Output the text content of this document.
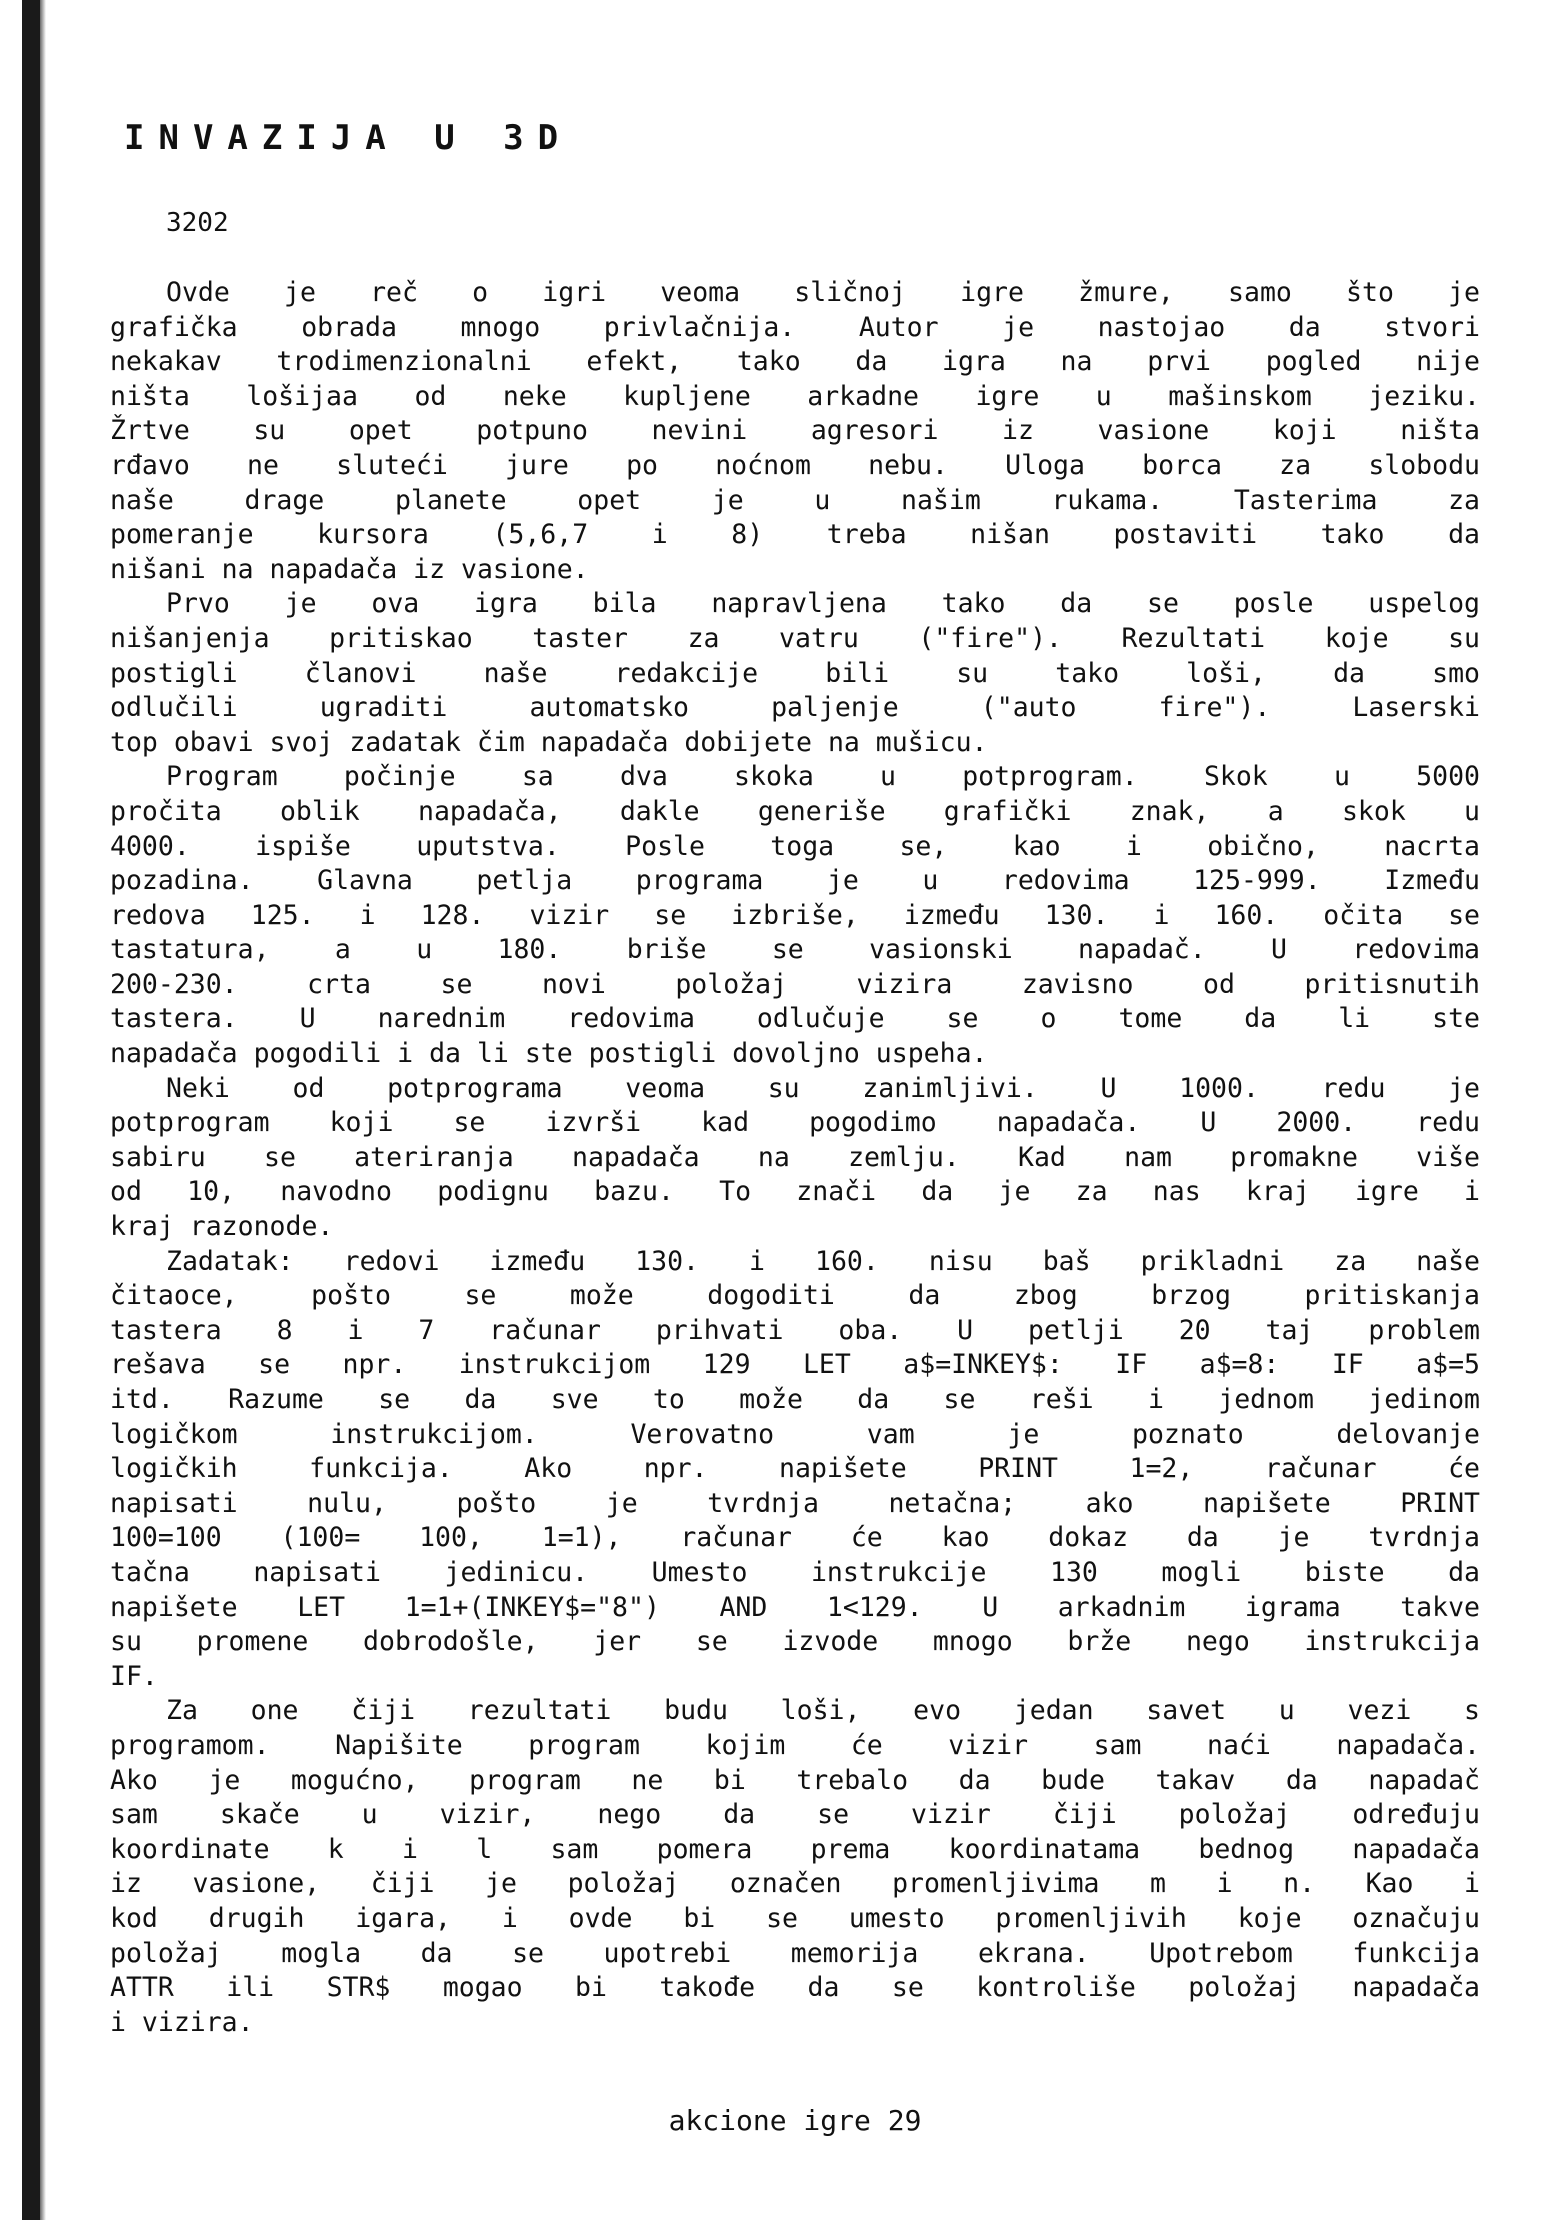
INVAZIJA U 3D
3202
Ovde je reč o igri veoma sličnoj igre žmure, samo što je
grafička obrada mnogo privlačnija. Autor je nastojao da stvori
nekakav trodimenzionalni efekt, tako da igra na prvi pogled nije
ništa lošijaa od neke kupljene arkadne igre u mašinskom jeziku.
Žrtve su opet potpuno nevini agresori iz vasione koji ništa
rđavo ne sluteći jure po noćnom nebu. Uloga borca za slobodu
naše drage planete opet je u našim rukama. Tasterima za
pomeranje kursora (5,6,7 i 8) treba nišan postaviti tako da
nišani na napadača iz vasione.
Prvo je ova igra bila napravljena tako da se posle uspelog
nišanjenja pritiskao taster za vatru ("fire"). Rezultati koje su
postigli članovi naše redakcije bili su tako loši, da smo
odlučili ugraditi automatsko paljenje ("auto fire"). Laserski
top obavi svoj zadatak čim napadača dobijete na mušicu.
Program počinje sa dva skoka u potprogram. Skok u 5000
pročita oblik napadača, dakle generiše grafički znak, a skok u
4000. ispiše uputstva. Posle toga se, kao i obično, nacrta
pozadina. Glavna petlja programa je u redovima 125-999. Između
redova 125. i 128. vizir se izbriše, između 130. i 160. očita se
tastatura, a u 180. briše se vasionski napadač. U redovima
200-230. crta se novi položaj vizira zavisno od pritisnutih
tastera. U narednim redovima odlučuje se o tome da li ste
napadača pogodili i da li ste postigli dovoljno uspeha.
Neki od potprograma veoma su zanimljivi. U 1000. redu je
potprogram koji se izvrši kad pogodimo napadača. U 2000. redu
sabiru se ateriranja napadača na zemlju. Kad nam promakne više
od 10, navodno podignu bazu. To znači da je za nas kraj igre i
kraj razonode.
Zadatak: redovi između 130. i 160. nisu baš prikladni za naše
čitaoce, pošto se može dogoditi da zbog brzog pritiskanja
tastera 8 i 7 računar prihvati oba. U petlji 20 taj problem
rešava se npr. instrukcijom 129 LET a$=INKEY$: IF a$=8: IF a$=5
itd. Razume se da sve to može da se reši i jednom jedinom
logičkom instrukcijom. Verovatno vam je poznato delovanje
logičkih funkcija. Ako npr. napišete PRINT 1=2, računar će
napisati nulu, pošto je tvrdnja netačna; ako napišete PRINT
100=100 (100= 100, 1=1), računar će kao dokaz da je tvrdnja
tačna napisati jedinicu. Umesto instrukcije 130 mogli biste da
napišete LET 1=1+(INKEY$="8") AND 1<129. U arkadnim igrama takve
su promene dobrodošle, jer se izvode mnogo brže nego instrukcija
IF.
Za one čiji rezultati budu loši, evo jedan savet u vezi s
programom. Napišite program kojim će vizir sam naći napadača.
Ako je mogućno, program ne bi trebalo da bude takav da napadač
sam skače u vizir, nego da se vizir čiji položaj određuju
koordinate k i l sam pomera prema koordinatama bednog napadača
iz vasione, čiji je položaj označen promenljivima m i n. Kao i
kod drugih igara, i ovde bi se umesto promenljivih koje označuju
položaj mogla da se upotrebi memorija ekrana. Upotrebom funkcija
ATTR ili STR$ mogao bi takođe da se kontroliše položaj napadača
i vizira.
akcione igre 29
